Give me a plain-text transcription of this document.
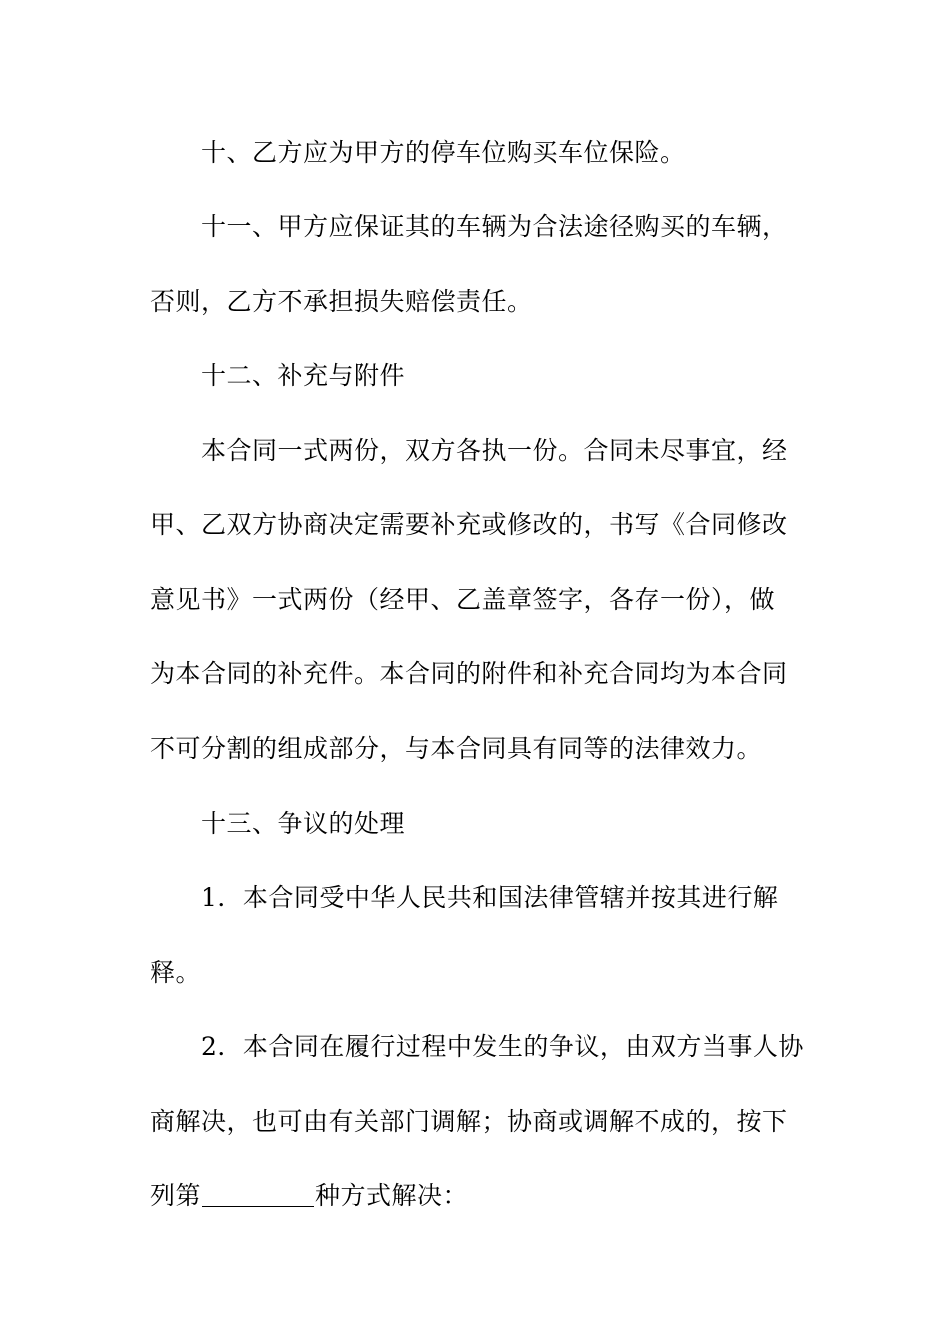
十、乙方应为甲方的停车位购买车位保险。
十一、甲方应保证其的车辆为合法途径购买的车辆，
否则，乙方不承担损失赔偿责任。
十二、补充与附件
本合同一式两份，双方各执一份。合同未尽事宜，经
甲、乙双方协商决定需要补充或修改的，书写《合同修改
意见书》一式两份（经甲、乙盖章签字，各存一份），做
为本合同的补充件。本合同的附件和补充合同均为本合同
不可分割的组成部分，与本合同具有同等的法律效力。
十三、争议的处理
1．本合同受中华人民共和国法律管辖并按其进行解
释。
2．本合同在履行过程中发生的争议，由双方当事人协
商解决，也可由有关部门调解；协商或调解不成的，按下
列第	种方式解决：
